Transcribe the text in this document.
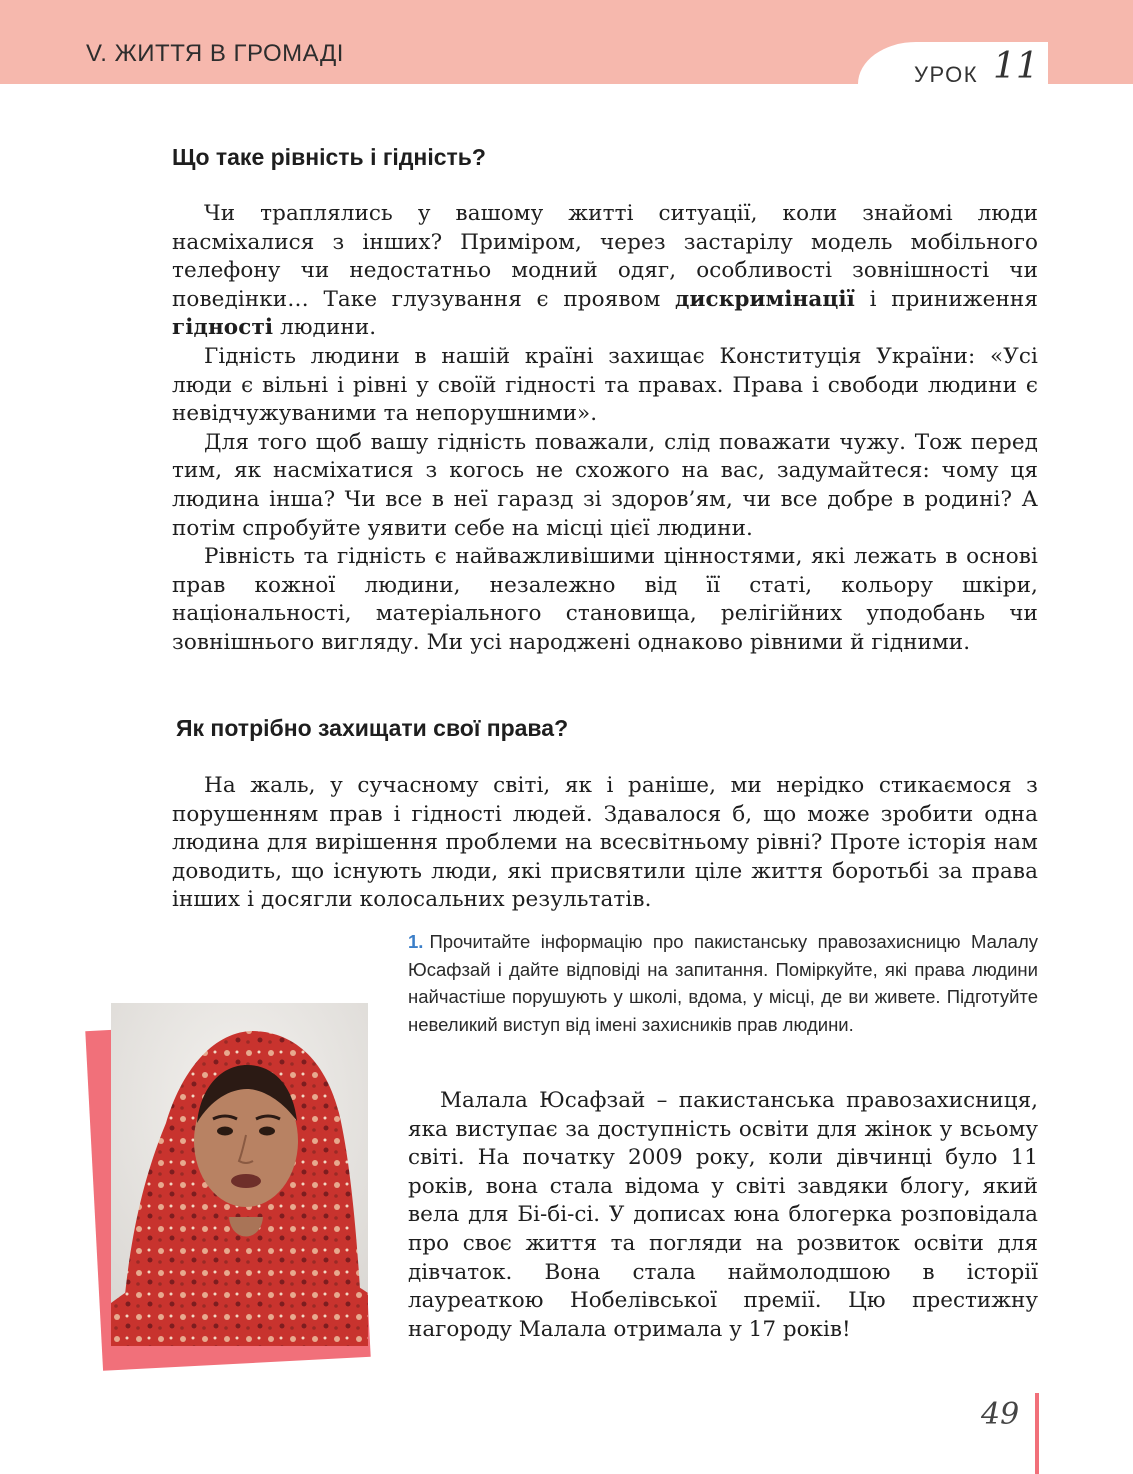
V. ЖИТТЯ В ГРОМАДІ
УРОК 11
Що таке рівність і гідність?

Чи траплялись у вашому житті ситуації, коли знайомі люди насміхалися з інших? Приміром, через застарілу модель мобільного телефону чи недостатньо модний одяг, особливості зовнішності чи поведінки… Таке глузування є проявом дискримінації і приниження гідності людини.

Гідність людини в нашій країні захищає Конституція України: «Усі люди є вільні і рівні у своїй гідності та правах. Права і свободи людини є невідчужуваними та непорушними».

Для того щоб вашу гідність поважали, слід поважати чужу. Тож перед тим, як насміхатися з когось не схожого на вас, задумайтеся: чому ця людина інша? Чи все в неї гаразд зі здоров’ям, чи все добре в родині? А потім спробуйте уявити себе на місці цієї людини.

Рівність та гідність є найважливішими цінностями, які лежать в основі прав кожної людини, незалежно від її статі, кольору шкіри, національності, матеріального становища, релігійних уподобань чи зовнішнього вигляду. Ми усі народжені однаково рівними й гідними.

Як потрібно захищати свої права?

На жаль, у сучасному світі, як і раніше, ми нерідко стикаємося з порушенням прав і гідності людей. Здавалося б, що може зробити одна людина для вирішення проблеми на всесвітньому рівні? Проте історія нам доводить, що існують люди, які присвятили ціле життя боротьбі за права інших і досягли колосальних результатів.

1. Прочитайте інформацію про пакистанську правозахисницю Малалу Юсафзай і дайте відповіді на запитання. Поміркуйте, які права людини найчастіше порушують у школі, вдома, у місці, де ви живете. Підготуйте невеликий виступ від імені захисників прав людини.

Малала Юсафзай – пакистанська правозахисниця, яка виступає за доступність освіти для жінок у всьому світі. На початку 2009 року, коли дівчинці було 11 років, вона стала відома у світі завдяки блогу, який вела для Бі-бі-сі. У дописах юна блогерка розповідала про своє життя та погляди на розвиток освіти для дівчаток. Вона стала наймолодшою в історії лауреаткою Нобелівської премії. Цю престижну нагороду Малала отримала у 17 років!

49
